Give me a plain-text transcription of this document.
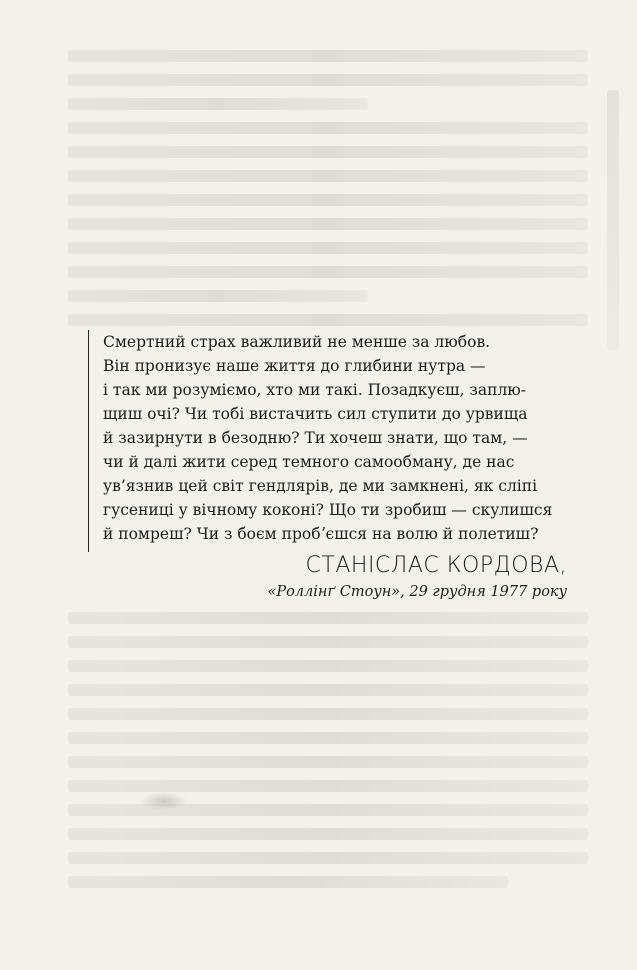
Смертний страх важливий не менше за любов.
Він пронизує наше життя до глибини нутра —
і так ми розуміємо, хто ми такі. Позадкуєш, заплю-
щиш очі? Чи тобі вистачить сил ступити до урвища
й зазирнути в безодню? Ти хочеш знати, що там, —
чи й далі жити серед темного самообману, де нас
ув’язнив цей світ гендлярів, де ми замкнені, як сліпі
гусениці у вічному коконі? Що ти зробиш — скулишся
й помреш? Чи з боєм пробʼєшся на волю й полетиш?
СТАНІСЛАС КОРДОВА,
«Роллінґ Стоун», 29 грудня 1977 року
